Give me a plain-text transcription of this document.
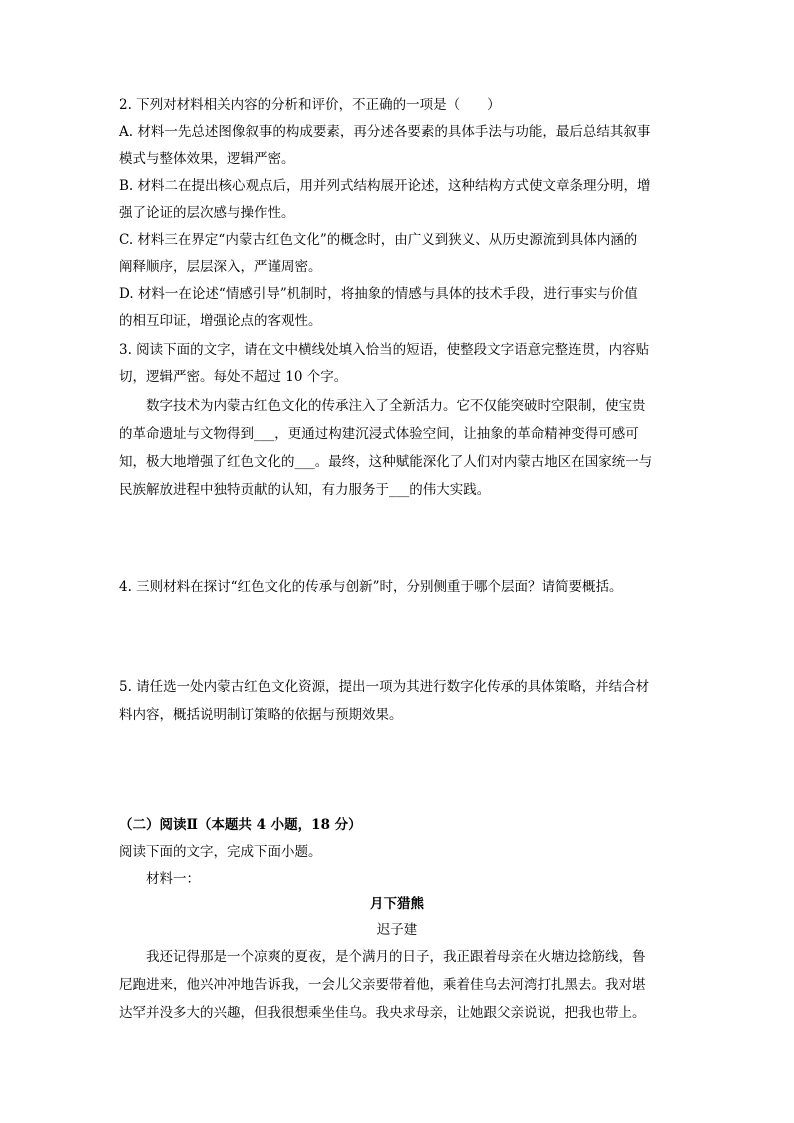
2. 下列对材料相关内容的分析和评价，不正确的一项是（　　）
A. 材料一先总述图像叙事的构成要素，再分述各要素的具体手法与功能，最后总结其叙事
模式与整体效果，逻辑严密。
B. 材料二在提出核心观点后，用并列式结构展开论述，这种结构方式使文章条理分明，增
强了论证的层次感与操作性。
C. 材料三在界定“内蒙古红色文化”的概念时，由广义到狭义、从历史源流到具体内涵的
阐释顺序，层层深入，严谨周密。
D. 材料一在论述“情感引导”机制时，将抽象的情感与具体的技术手段，进行事实与价值
的相互印证，增强论点的客观性。
3. 阅读下面的文字，请在文中横线处填入恰当的短语，使整段文字语意完整连贯，内容贴
切，逻辑严密。每处不超过 10 个字。
数字技术为内蒙古红色文化的传承注入了全新活力。它不仅能突破时空限制，使宝贵
的革命遗址与文物得到___，更通过构建沉浸式体验空间，让抽象的革命精神变得可感可
知，极大地增强了红色文化的___。最终，这种赋能深化了人们对内蒙古地区在国家统一与
民族解放进程中独特贡献的认知，有力服务于___的伟大实践。
4. 三则材料在探讨“红色文化的传承与创新”时，分别侧重于哪个层面？请简要概括。
5. 请任选一处内蒙古红色文化资源，提出一项为其进行数字化传承的具体策略，并结合材
料内容，概括说明制订策略的依据与预期效果。
（二）阅读Ⅱ（本题共 4 小题，18 分）
阅读下面的文字，完成下面小题。
材料一：
月下猎熊
迟子建
我还记得那是一个凉爽的夏夜，是个满月的日子，我正跟着母亲在火塘边捻筋线，鲁
尼跑进来，他兴冲冲地告诉我，一会儿父亲要带着他，乘着佳乌去河湾打扎黑去。我对堪
达罕并没多大的兴趣，但我很想乘坐佳乌。我央求母亲，让她跟父亲说说，把我也带上。
